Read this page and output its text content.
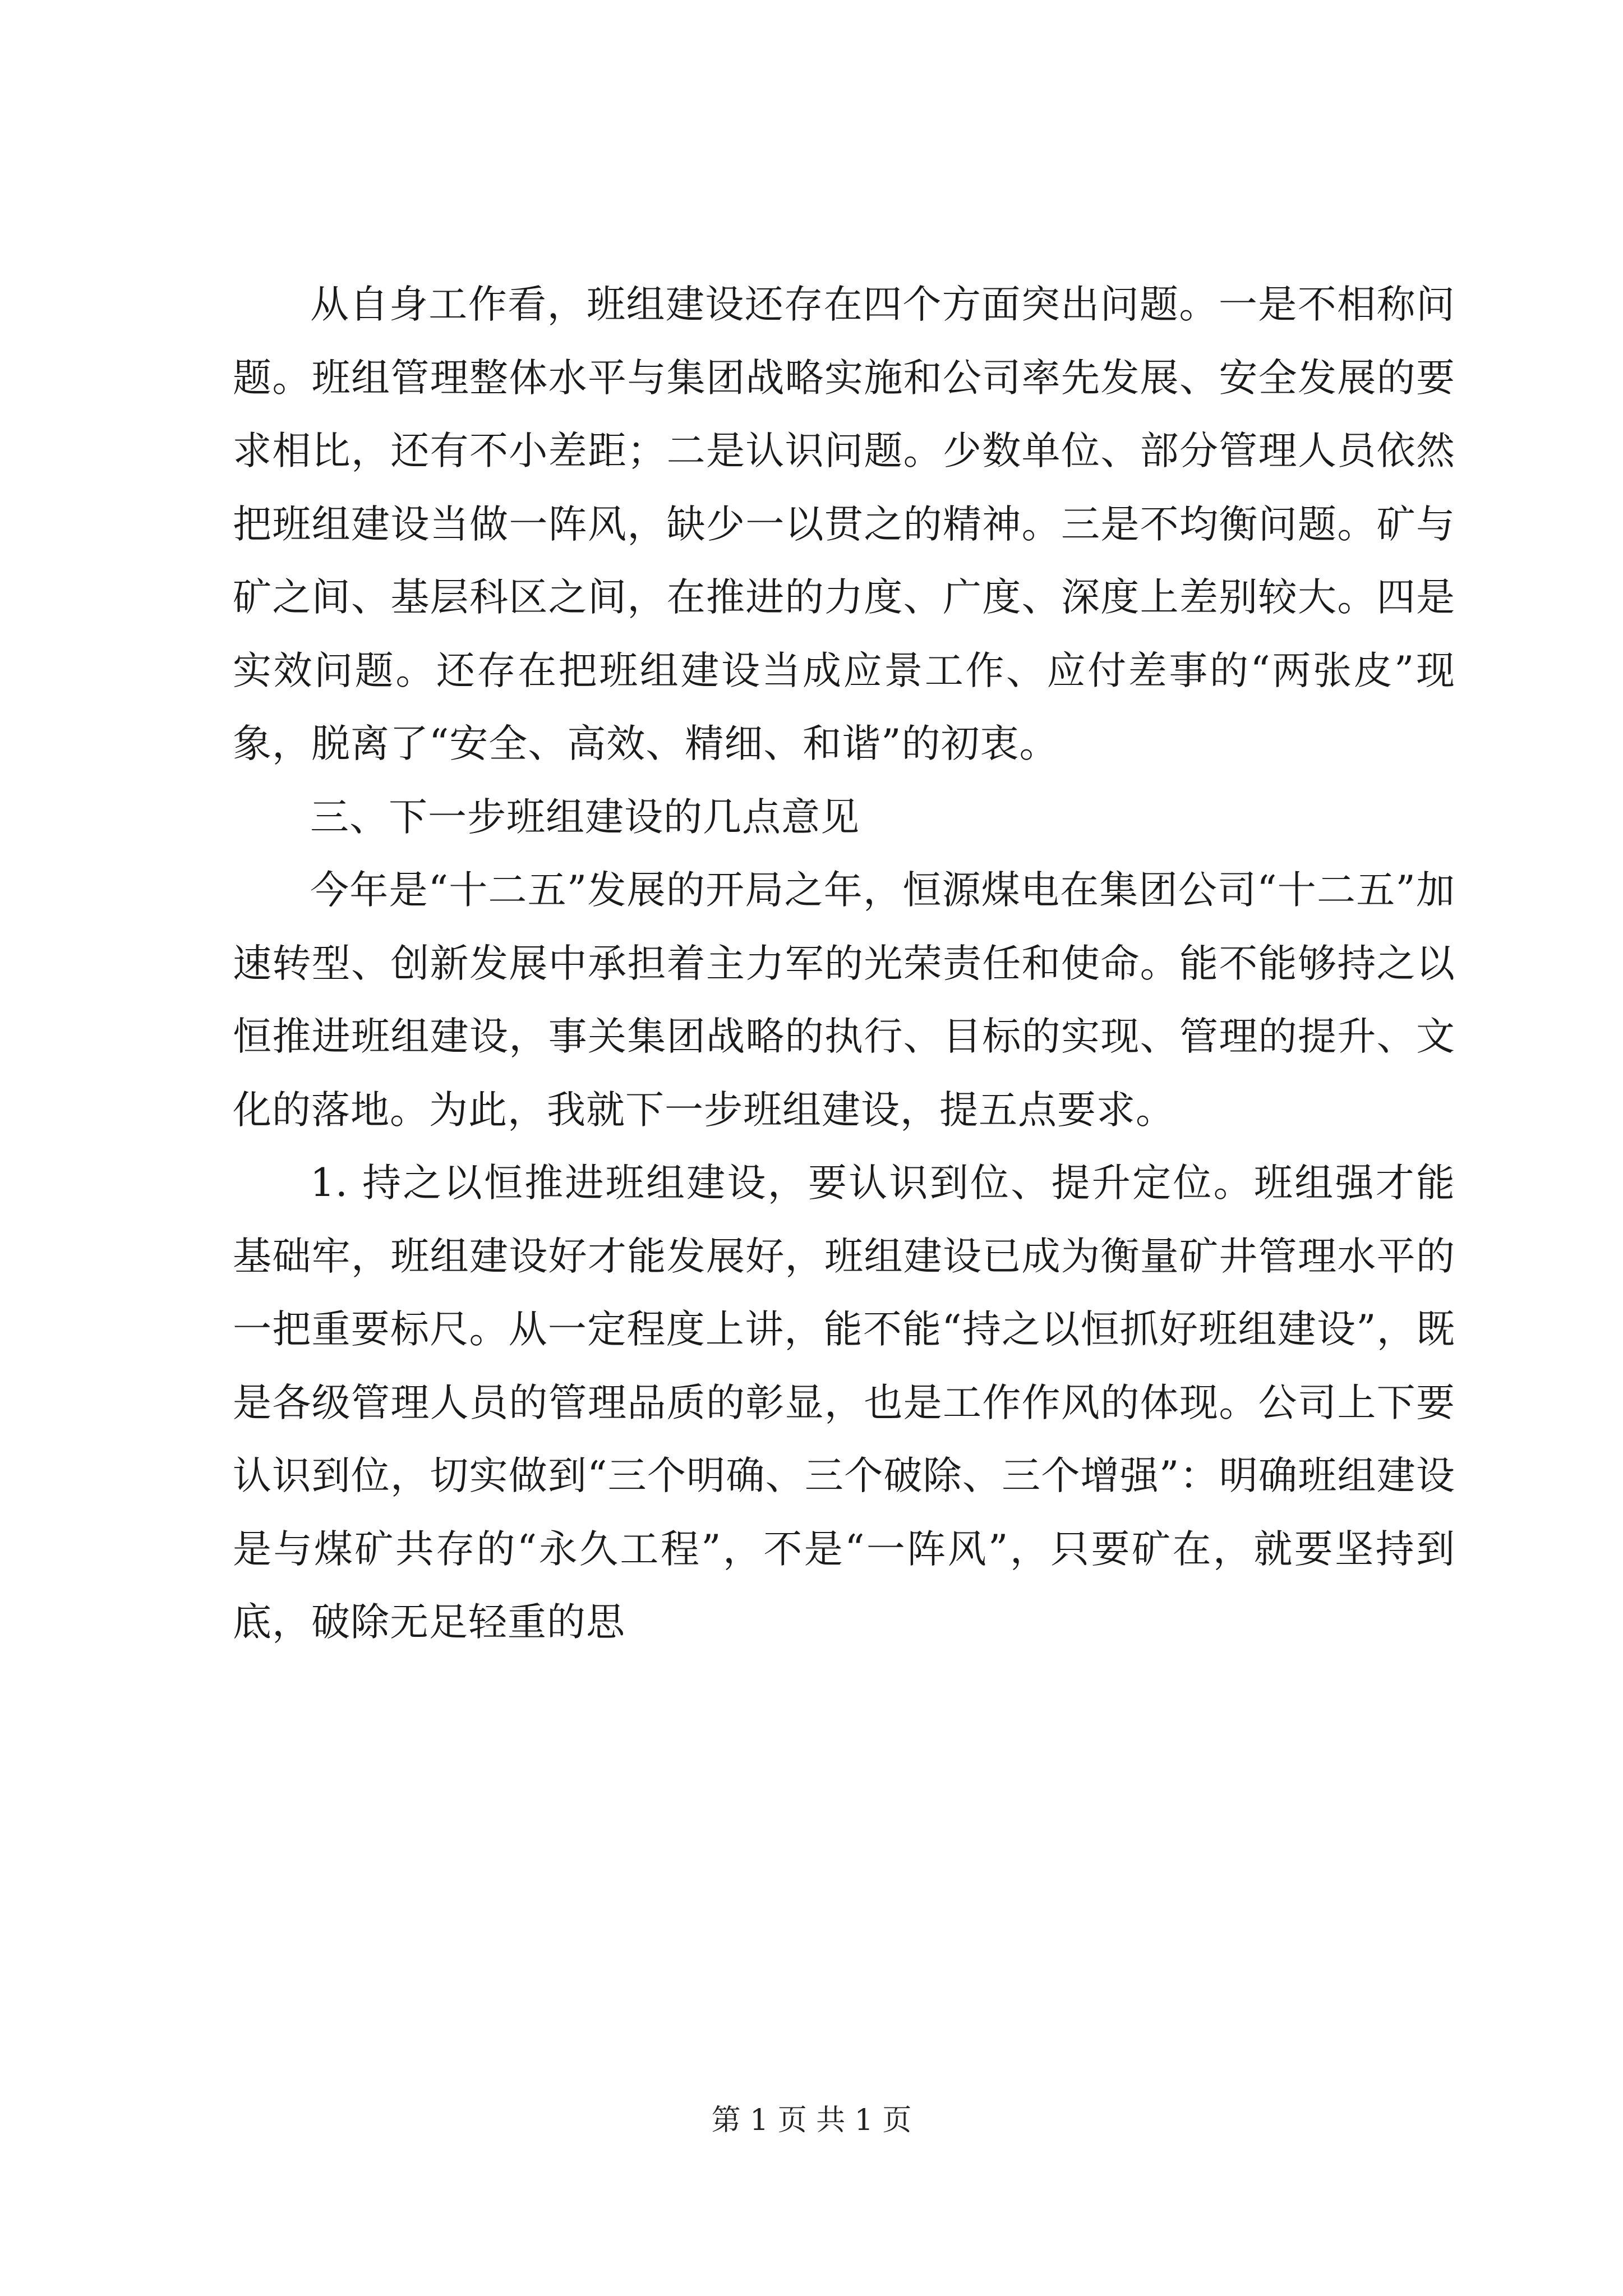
从自身工作看，班组建设还存在四个方面突出问题。一是不相称问题。班组管理整体水平与集团战略实施和公司率先发展、安全发展的要求相比，还有不小差距；二是认识问题。少数单位、部分管理人员依然把班组建设当做一阵风，缺少一以贯之的精神。三是不均衡问题。矿与矿之间、基层科区之间，在推进的力度、广度、深度上差别较大。四是实效问题。还存在把班组建设当成应景工作、应付差事的“两张皮”现象，脱离了“安全、高效、精细、和谐”的初衷。

三、下一步班组建设的几点意见

今年是“十二五”发展的开局之年，恒源煤电在集团公司“十二五”加速转型、创新发展中承担着主力军的光荣责任和使命。能不能够持之以恒推进班组建设，事关集团战略的执行、目标的实现、管理的提升、文化的落地。为此，我就下一步班组建设，提五点要求。

1. 持之以恒推进班组建设，要认识到位、提升定位。班组强才能基础牢，班组建设好才能发展好，班组建设已成为衡量矿井管理水平的一把重要标尺。从一定程度上讲，能不能“持之以恒抓好班组建设”，既是各级管理人员的管理品质的彰显，也是工作作风的体现。公司上下要认识到位，切实做到“三个明确、三个破除、三个增强”：明确班组建设是与煤矿共存的“永久工程”，不是“一阵风”，只要矿在，就要坚持到底，破除无足轻重的思

第 1 页 共 1 页
